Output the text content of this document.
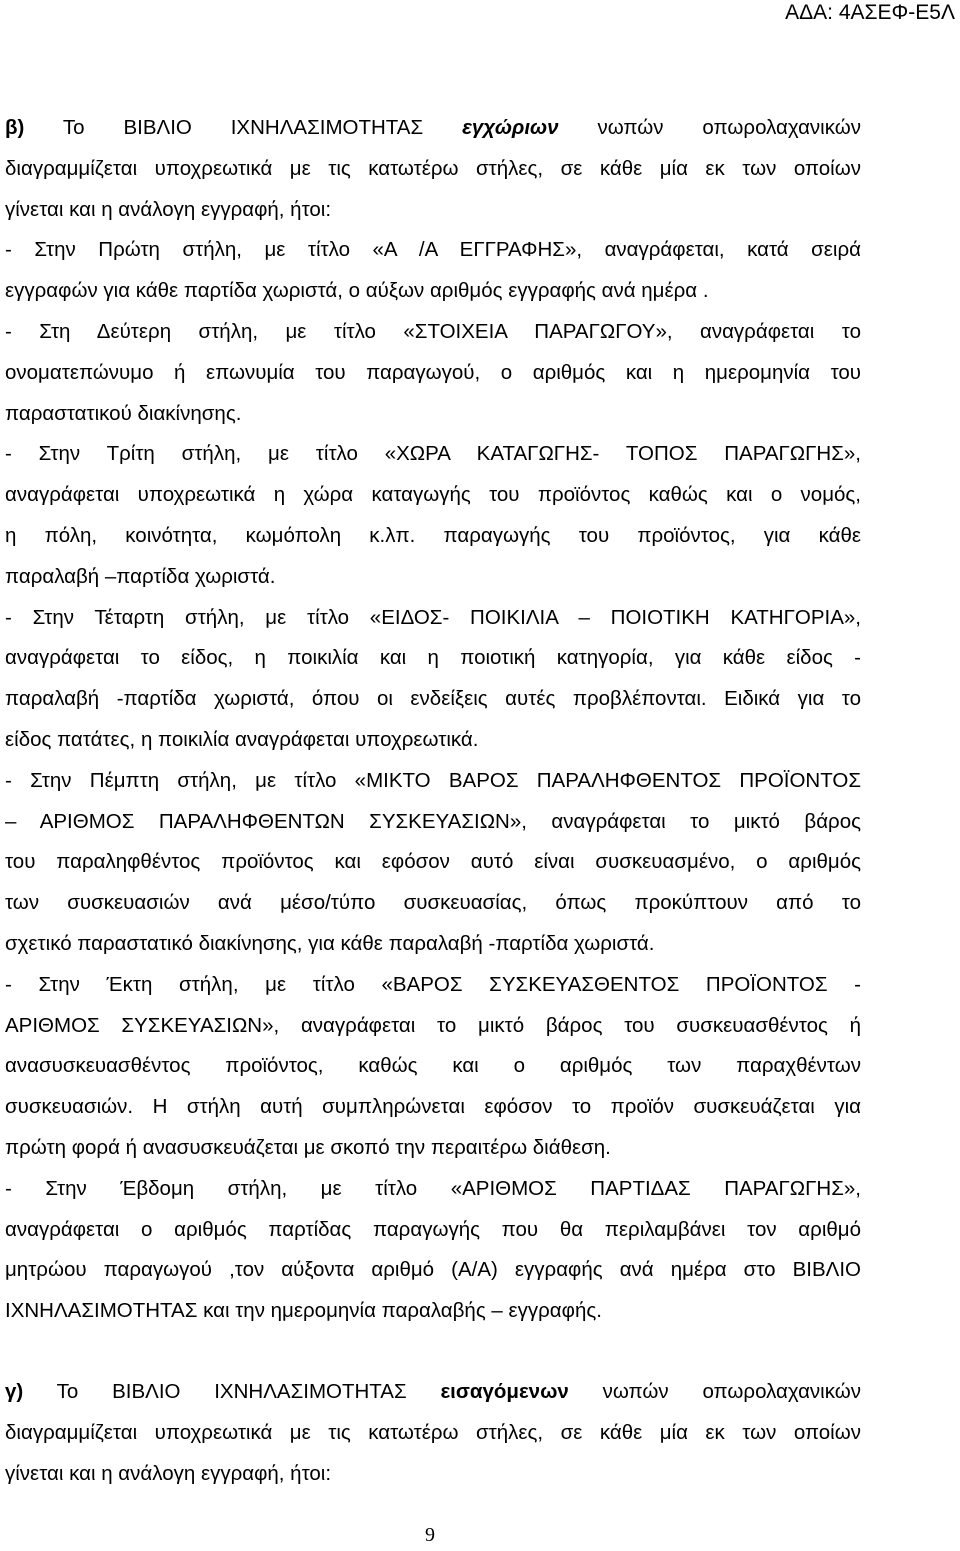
ΑΔΑ: 4ΑΣΕΦ-Ε5Λ
β) Το ΒΙΒΛΙΟ ΙΧΝΗΛΑΣΙΜΟΤΗΤΑΣ εγχώριων νωπών οπωρολαχανικών
διαγραμμίζεται υποχρεωτικά με τις κατωτέρω στήλες, σε κάθε μία εκ των οποίων
γίνεται και η ανάλογη εγγραφή, ήτοι:
- Στην Πρώτη στήλη, με τίτλο «Α /Α ΕΓΓΡΑΦΗΣ», αναγράφεται, κατά σειρά
εγγραφών για κάθε παρτίδα χωριστά, ο αύξων αριθμός εγγραφής ανά ημέρα .
- Στη Δεύτερη στήλη, με τίτλο «ΣΤΟΙΧΕΙΑ ΠΑΡΑΓΩΓΟΥ», αναγράφεται το
ονοματεπώνυμο ή επωνυμία του παραγωγού, ο αριθμός και η ημερομηνία του
παραστατικού διακίνησης.
- Στην Τρίτη στήλη, με τίτλο «ΧΩΡΑ ΚΑΤΑΓΩΓΗΣ- ΤΟΠΟΣ ΠΑΡΑΓΩΓΗΣ»,
αναγράφεται υποχρεωτικά η χώρα καταγωγής του προϊόντος καθώς και ο νομός,
η πόλη, κοινότητα, κωμόπολη κ.λπ. παραγωγής του προϊόντος, για κάθε
παραλαβή –παρτίδα χωριστά.
- Στην Τέταρτη στήλη, με τίτλο «ΕΙΔΟΣ- ΠΟΙΚΙΛΙΑ – ΠΟΙΟΤΙΚΗ ΚΑΤΗΓΟΡΙΑ»,
αναγράφεται το είδος, η ποικιλία και η ποιοτική κατηγορία, για κάθε είδος -
παραλαβή -παρτίδα χωριστά, όπου οι ενδείξεις αυτές προβλέπονται. Ειδικά για το
είδος πατάτες, η ποικιλία αναγράφεται υποχρεωτικά.
- Στην Πέμπτη στήλη, με τίτλο «ΜΙΚΤΟ ΒΑΡΟΣ ΠΑΡΑΛΗΦΘΕΝΤΟΣ ΠΡΟΪΟΝΤΟΣ
– ΑΡΙΘΜΟΣ ΠΑΡΑΛΗΦΘΕΝΤΩΝ ΣΥΣΚΕΥΑΣΙΩΝ», αναγράφεται το μικτό βάρος
του παραληφθέντος προϊόντος και εφόσον αυτό είναι συσκευασμένο, ο αριθμός
των συσκευασιών ανά μέσο/τύπο συσκευασίας, όπως προκύπτουν από το
σχετικό παραστατικό διακίνησης, για κάθε παραλαβή -παρτίδα χωριστά.
- Στην Έκτη στήλη, με τίτλο «ΒΑΡΟΣ ΣΥΣΚΕΥΑΣΘΕΝΤΟΣ ΠΡΟΪΟΝΤΟΣ -
ΑΡΙΘΜΟΣ ΣΥΣΚΕΥΑΣΙΩΝ», αναγράφεται το μικτό βάρος του συσκευασθέντος ή
ανασυσκευασθέντος προϊόντος, καθώς και ο αριθμός των παραχθέντων
συσκευασιών. Η στήλη αυτή συμπληρώνεται εφόσον το προϊόν συσκευάζεται για
πρώτη φορά ή ανασυσκευάζεται με σκοπό την περαιτέρω διάθεση.
- Στην Έβδομη στήλη, με τίτλο «ΑΡΙΘΜΟΣ ΠΑΡΤΙΔΑΣ ΠΑΡΑΓΩΓΗΣ»,
αναγράφεται ο αριθμός παρτίδας παραγωγής που θα περιλαμβάνει τον αριθμό
μητρώου παραγωγού ,τον αύξοντα αριθμό (Α/Α) εγγραφής ανά ημέρα στο ΒΙΒΛΙΟ
ΙΧΝΗΛΑΣΙΜΟΤΗΤΑΣ και την ημερομηνία παραλαβής – εγγραφής.
γ) Το ΒΙΒΛΙΟ ΙΧΝΗΛΑΣΙΜΟΤΗΤΑΣ εισαγόμενων νωπών οπωρολαχανικών
διαγραμμίζεται υποχρεωτικά με τις κατωτέρω στήλες, σε κάθε μία εκ των οποίων
γίνεται και η ανάλογη εγγραφή, ήτοι:
9
